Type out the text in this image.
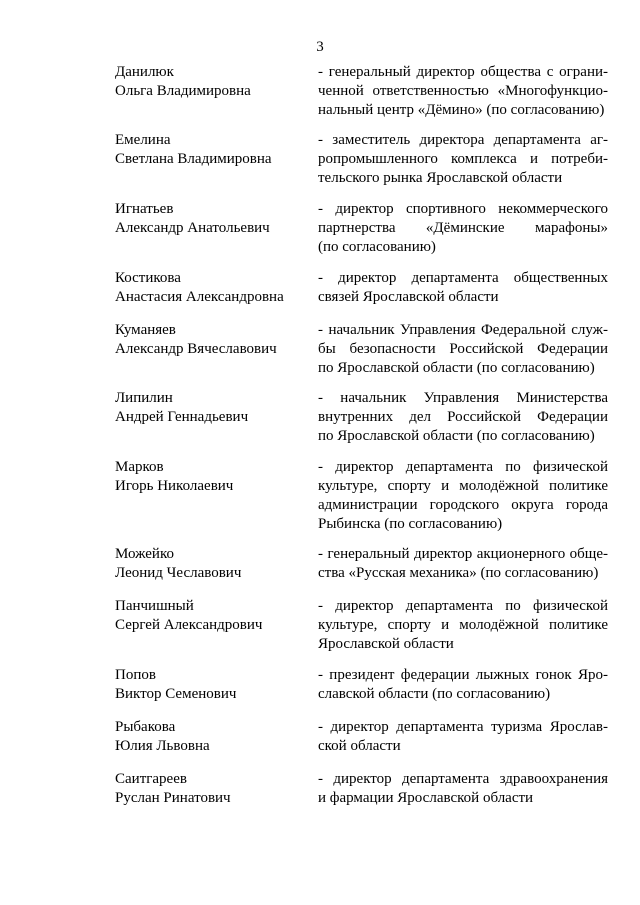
3
Данилюк
Ольга Владимировна
- генеральный директор общества с ограни-
ченной ответственностью «Многофункцио-
нальный центр «Дёмино» (по согласованию)
Емелина
Светлана Владимировна
- заместитель директора департамента аг-
ропромышленного комплекса и потреби-
тельского рынка Ярославской области
Игнатьев
Александр Анатольевич
- директор спортивного некоммерческого
партнерства «Дёминские марафоны»
(по согласованию)
Костикова
Анастасия Александровна
- директор департамента общественных
связей Ярославской области
Куманяев
Александр Вячеславович
- начальник Управления Федеральной служ-
бы безопасности Российской Федерации
по Ярославской области (по согласованию)
Липилин
Андрей Геннадьевич
- начальник Управления Министерства
внутренних дел Российской Федерации
по Ярославской области (по согласованию)
Марков
Игорь Николаевич
- директор департамента по физической
культуре, спорту и молодёжной политике
администрации городского округа города
Рыбинска (по согласованию)
Можейко
Леонид Чеславович
- генеральный директор акционерного обще-
ства «Русская механика» (по согласованию)
Панчишный
Сергей Александрович
- директор департамента по физической
культуре, спорту и молодёжной политике
Ярославской области
Попов
Виктор Семенович
- президент федерации лыжных гонок Яро-
славской области (по согласованию)
Рыбакова
Юлия Львовна
- директор департамента туризма Ярослав-
ской области
Саитгареев
Руслан Ринатович
- директор департамента здравоохранения
и фармации Ярославской области
